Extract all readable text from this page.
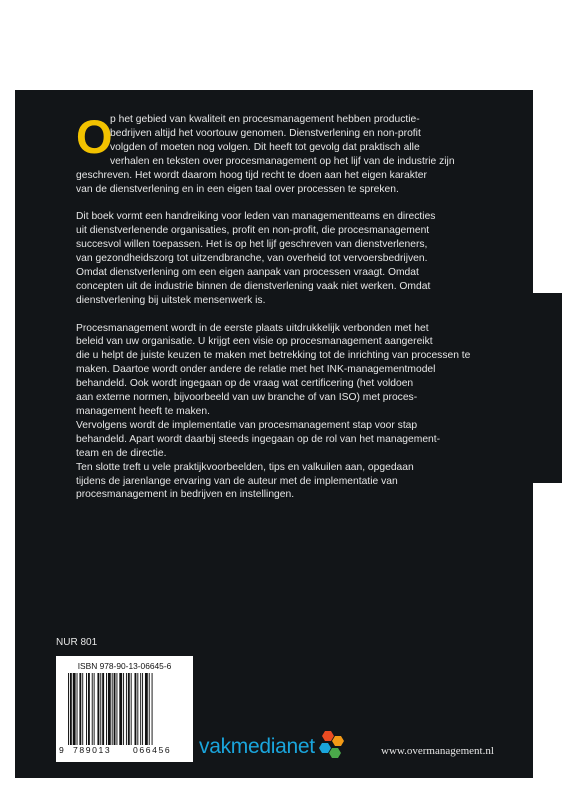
O
p het gebied van kwaliteit en procesmanagement hebben productie-
bedrijven altijd het voortouw genomen. Dienstverlening en non-profit
volgden of moeten nog volgen. Dit heeft tot gevolg dat praktisch alle
verhalen en teksten over procesmanagement op het lijf van de industrie zijn
geschreven. Het wordt daarom hoog tijd recht te doen aan het eigen karakter
van de dienstverlening en in een eigen taal over processen te spreken.
Dit boek vormt een handreiking voor leden van managementteams en directies
uit dienstverlenende organisaties, profit en non-profit, die procesmanagement
succesvol willen toepassen. Het is op het lijf geschreven van dienstverleners,
van gezondheidszorg tot uitzendbranche, van overheid tot vervoersbedrijven.
Omdat dienstverlening om een eigen aanpak van processen vraagt. Omdat
concepten uit de industrie binnen de dienstverlening vaak niet werken. Omdat
dienstverlening bij uitstek mensenwerk is.
Procesmanagement wordt in de eerste plaats uitdrukkelijk verbonden met het
beleid van uw organisatie. U krijgt een visie op procesmanagement aangereikt
die u helpt de juiste keuzen te maken met betrekking tot de inrichting van processen te
maken. Daartoe wordt onder andere de relatie met het INK-managementmodel
behandeld. Ook wordt ingegaan op de vraag wat certificering (het voldoen
aan externe normen, bijvoorbeeld van uw branche of van ISO) met proces-
management heeft te maken.
Vervolgens wordt de implementatie van procesmanagement stap voor stap
behandeld. Apart wordt daarbij steeds ingegaan op de rol van het management-
team en de directie.
Ten slotte treft u vele praktijkvoorbeelden, tips en valkuilen aan, opgedaan
tijdens de jarenlange ervaring van de auteur met de implementatie van
procesmanagement in bedrijven en instellingen.
NUR 801
ISBN 978-90-13-06645-6
9 789013	066456 vakmedianet	www.overmanagement.nl
